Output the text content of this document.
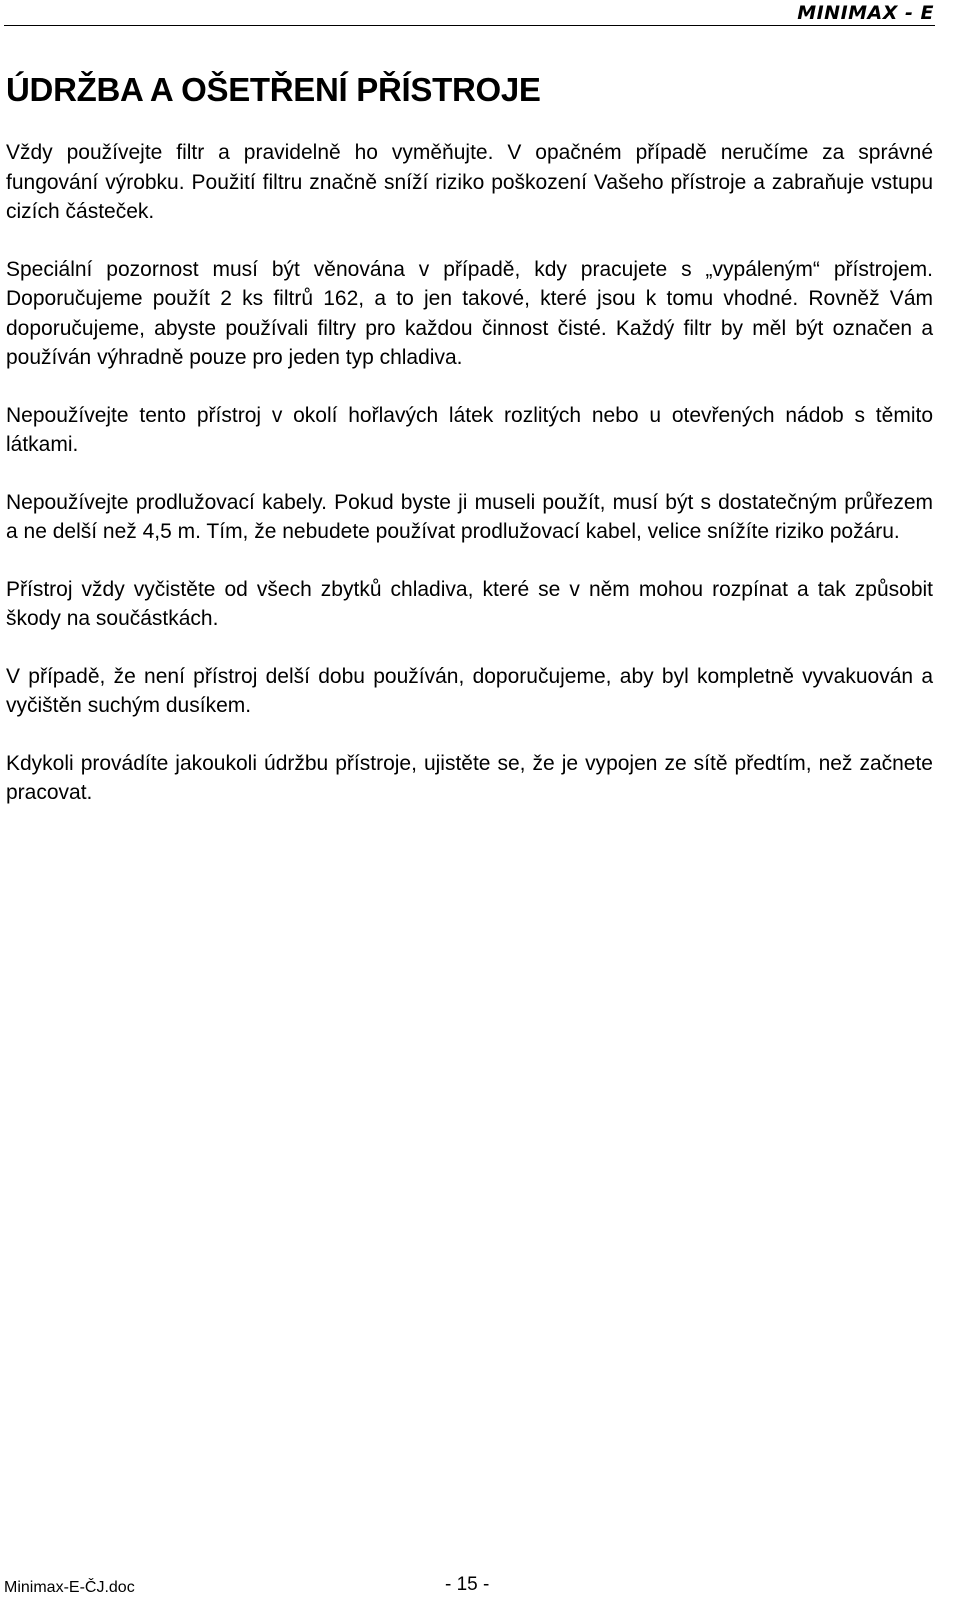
MINIMAX - E
ÚDRŽBA A OŠETŘENÍ PŘÍSTROJE

Vždy používejte filtr a pravidelně ho vyměňujte. V opačném případě neručíme za správné fungování výrobku. Použití filtru značně sníží riziko poškození Vašeho přístroje a zabraňuje vstupu cizích částeček.

Speciální pozornost musí být věnována v případě, kdy pracujete s „vypáleným“ přístrojem. Doporučujeme použít 2 ks filtrů 162, a to jen takové, které jsou k tomu vhodné. Rovněž Vám doporučujeme, abyste používali filtry pro každou činnost čisté. Každý filtr by měl být označen a používán výhradně pouze pro jeden typ chladiva.

Nepoužívejte tento přístroj v okolí hořlavých látek rozlitých nebo u otevřených nádob s těmito látkami.

Nepoužívejte prodlužovací kabely. Pokud byste ji museli použít, musí být s dostatečným průřezem a ne delší než 4,5 m. Tím, že nebudete používat prodlužovací kabel, velice snížíte riziko požáru.

Přístroj vždy vyčistěte od všech zbytků chladiva, které se v něm mohou rozpínat a tak způsobit škody na součástkách.

V případě, že není přístroj delší dobu používán, doporučujeme, aby byl kompletně vyvakuován a vyčištěn suchým dusíkem.

Kdykoli provádíte jakoukoli údržbu přístroje, ujistěte se, že je vypojen ze sítě předtím, než začnete pracovat.

Minimax-E-ČJ.doc	- 15 -
